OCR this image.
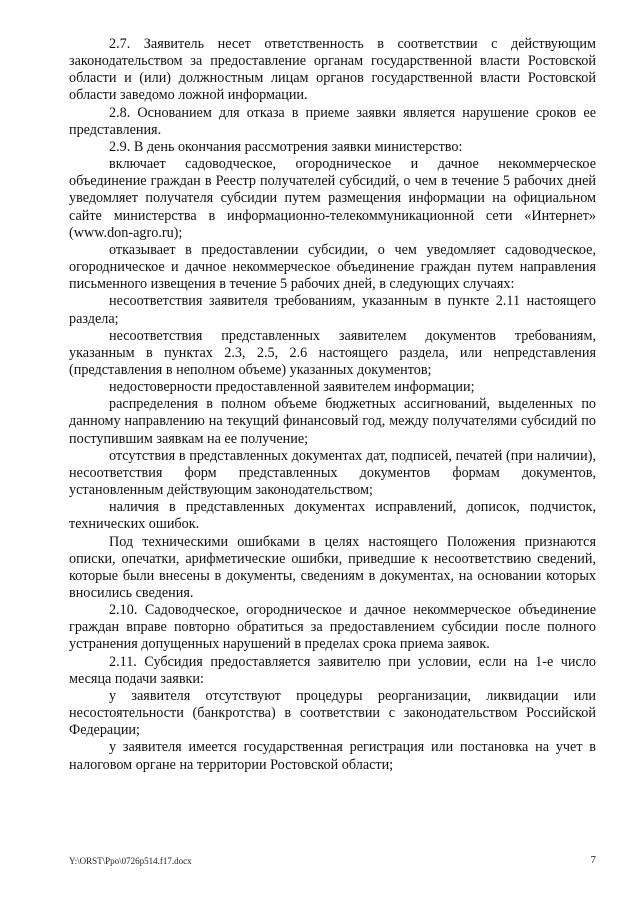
2.7. Заявитель несет ответственность в соответствии с действующим законодательством за предоставление органам государственной власти Ростовской области и (или) должностным лицам органов государственной власти Ростовской области заведомо ложной информации.

2.8. Основанием для отказа в приеме заявки является нарушение сроков ее представления.

2.9. В день окончания рассмотрения заявки министерство:

включает садоводческое, огородническое и дачное некоммерческое объединение граждан в Реестр получателей субсидий, о чем в течение 5 рабочих дней уведомляет получателя субсидии путем размещения информации на официальном сайте министерства в информационно-телекоммуникационной сети «Интернет» (www.don-agro.ru);

отказывает в предоставлении субсидии, о чем уведомляет садоводческое, огородническое и дачное некоммерческое объединение граждан путем направления письменного извещения в течение 5 рабочих дней, в следующих случаях:

несоответствия заявителя требованиям, указанным в пункте 2.11 настоящего раздела;

несоответствия представленных заявителем документов требованиям, указанным в пунктах 2.3, 2.5, 2.6 настоящего раздела, или непредставления (представления в неполном объеме) указанных документов;

недостоверности предоставленной заявителем информации;

распределения в полном объеме бюджетных ассигнований, выделенных по данному направлению на текущий финансовый год, между получателями субсидий по поступившим заявкам на ее получение;

отсутствия в представленных документах дат, подписей, печатей (при наличии), несоответствия форм представленных документов формам документов, установленным действующим законодательством;

наличия в представленных документах исправлений, дописок, подчисток, технических ошибок.

Под техническими ошибками в целях настоящего Положения признаются описки, опечатки, арифметические ошибки, приведшие к несоответствию сведений, которые были внесены в документы, сведениям в документах, на основании которых вносились сведения.

2.10. Садоводческое, огородническое и дачное некоммерческое объединение граждан вправе повторно обратиться за предоставлением субсидии после полного устранения допущенных нарушений в пределах срока приема заявок.

2.11. Субсидия предоставляется заявителю при условии, если на 1-е число месяца подачи заявки:

у заявителя отсутствуют процедуры реорганизации, ликвидации или несостоятельности (банкротства) в соответствии с законодательством Российской Федерации;

у заявителя имеется государственная регистрация или постановка на учет в налоговом органе на территории Ростовской области;

Y:\ORST\Ppo\0726p514.f17.docx	7
